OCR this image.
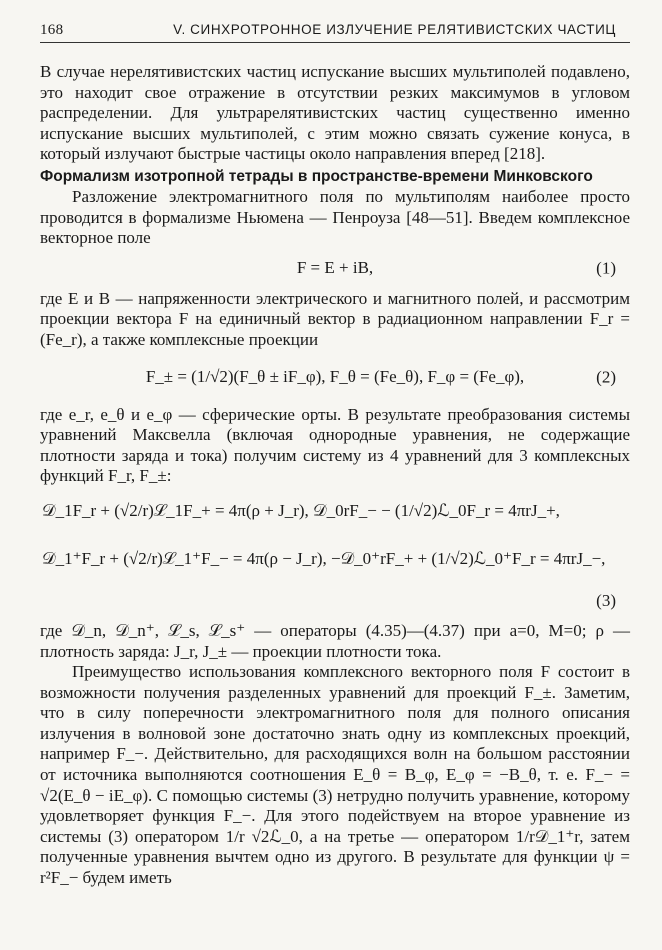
168	V. СИНХРОТРОННОЕ ИЗЛУЧЕНИЕ РЕЛЯТИВИСТСКИХ ЧАСТИЦ

В случае нерелятивистских частиц испускание высших мультиполей подавлено, это находит свое отражение в отсутствии резких максимумов в угловом распределении. Для ультрарелятивистских частиц существенно именно испускание высших мультиполей, с этим можно связать сужение конуса, в который излучают быстрые частицы около направления вперед [218].

Формализм изотропной тетрады в пространстве-времени Минковского

Разложение электромагнитного поля по мультиполям наиболее просто проводится в формализме Ньюмена — Пенроуза [48—51]. Введем комплексное векторное поле

F = E + iB,	(1)

где E и B — напряженности электрического и магнитного полей, и рассмотрим проекции вектора F на единичный вектор в радиационном направлении F_r = (Fe_r), а также комплексные проекции

F_± = (1/√2)(F_θ ± iF_φ), F_θ = (Fe_θ), F_φ = (Fe_φ),	(2)

где e_r, e_θ и e_φ — сферические орты. В результате преобразования системы уравнений Максвелла (включая однородные уравнения, не содержащие плотности заряда и тока) получим систему из 4 уравнений для 3 комплексных функций F_r, F_±:

𝒟_1F_r + (√2/r)ℒ_1F_+ = 4π(ρ + J_r), 𝒟_0rF_− − (1/√2)ℒ_0F_r = 4πrJ_+,
𝒟_1⁺F_r + (√2/r)ℒ_1⁺F_− = 4π(ρ − J_r), −𝒟_0⁺rF_+ + (1/√2)ℒ_0⁺F_r = 4πrJ_−,
(3)

где 𝒟_n, 𝒟_n⁺, ℒ_s, ℒ_s⁺ — операторы (4.35)—(4.37) при a=0, M=0; ρ — плотность заряда: J_r, J_± — проекции плотности тока.

Преимущество использования комплексного векторного поля F состоит в возможности получения разделенных уравнений для проекций F_±. Заметим, что в силу поперечности электромагнитного поля для полного описания излучения в волновой зоне достаточно знать одну из комплексных проекций, например F_−. Действительно, для расходящихся волн на большом расстоянии от источника выполняются соотношения E_θ = B_φ, E_φ = −B_θ, т. е. F_− = √2(E_θ − iE_φ). С помощью системы (3) нетрудно получить уравнение, которому удовлетворяет функция F_−. Для этого подействуем на второе уравнение из системы (3) оператором 1/r √2ℒ_0, а на третье — оператором 1/r𝒟_1⁺r, затем полученные уравнения вычтем одно из другого. В результате для функции ψ = r²F_− будем иметь
